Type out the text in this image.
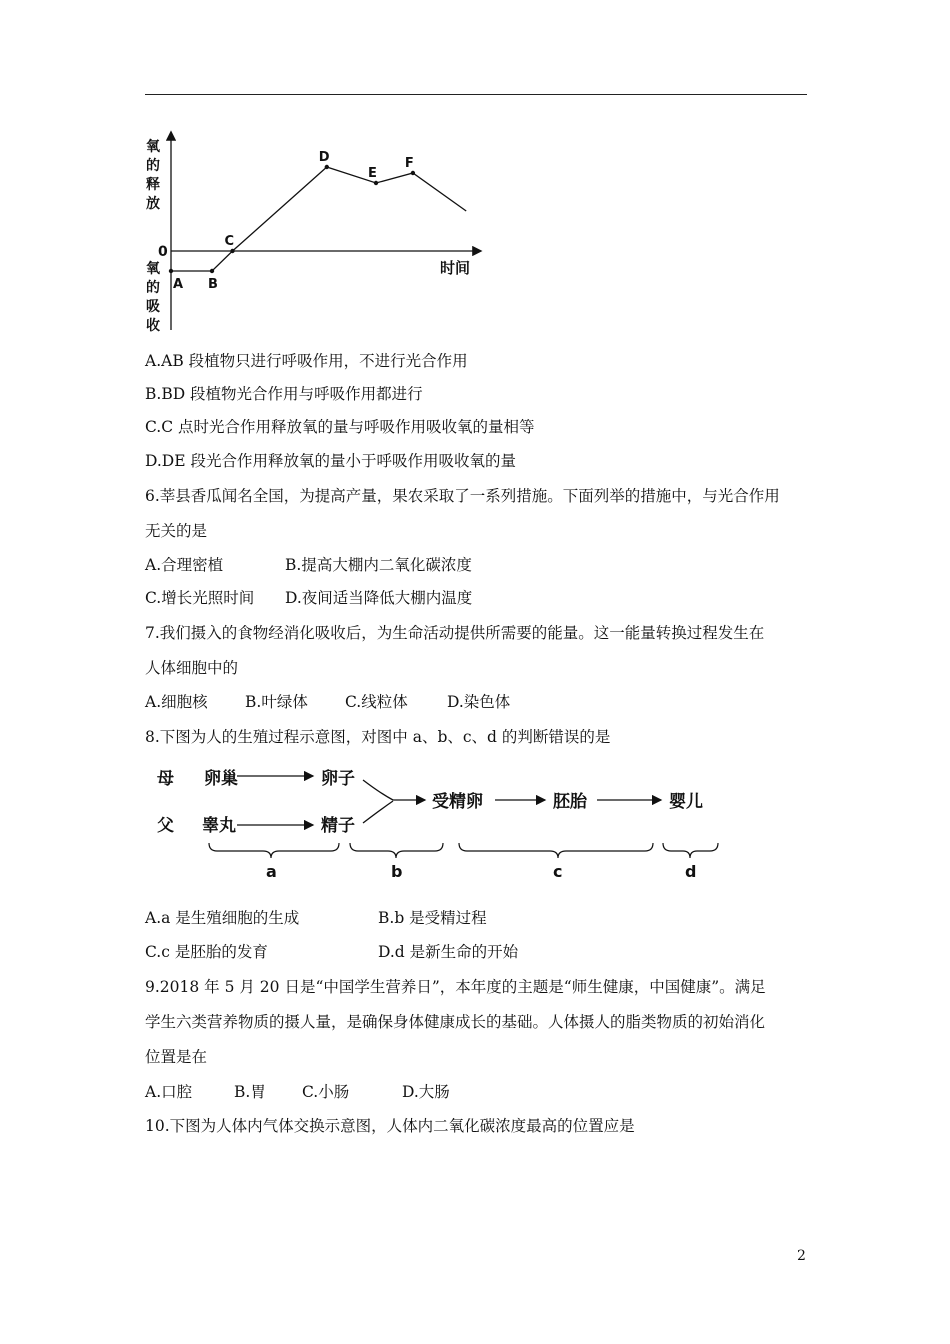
氧
的
释
放
氧
的
吸
收
0
时间
A B
C
D
E
F
A.AB 段植物只进行呼吸作用，不进行光合作用
B.BD 段植物光合作用与呼吸作用都进行
C.C 点时光合作用释放氧的量与呼吸作用吸收氧的量相等
D.DE 段光合作用释放氧的量小于呼吸作用吸收氧的量
6.莘县香瓜闻名全国，为提高产量，果农采取了一系列措施。下面列举的措施中，与光合作用
无关的是
A.合理密植	B.提高大棚内二氧化碳浓度
C.增长光照时间 D.夜间适当降低大棚内温度
7.我们摄入的食物经消化吸收后，为生命活动提供所需要的能量。这一能量转换过程发生在
人体细胞中的
A.细胞核 B.叶绿体 C.线粒体	D.染色体
8.下图为人的生殖过程示意图，对图中 a、b、c、d 的判断错误的是
母
父
卵巢	卵子
睾丸	精子
受精卵	胚胎	婴儿
a	b	c	d
A.a 是生殖细胞的生成	B.b 是受精过程
C.c 是胚胎的发育	D.d 是新生命的开始
9.2018 年 5 月 20 日是“中国学生营养日”，本年度的主题是“师生健康，中国健康”。满足
学生六类营养物质的摄人量，是确保身体健康成长的基础。人体摄人的脂类物质的初始消化
位置是在
A.口腔	B.胃 C.小肠	D.大肠
10.下图为人体内气体交换示意图，人体内二氧化碳浓度最高的位置应是
2
